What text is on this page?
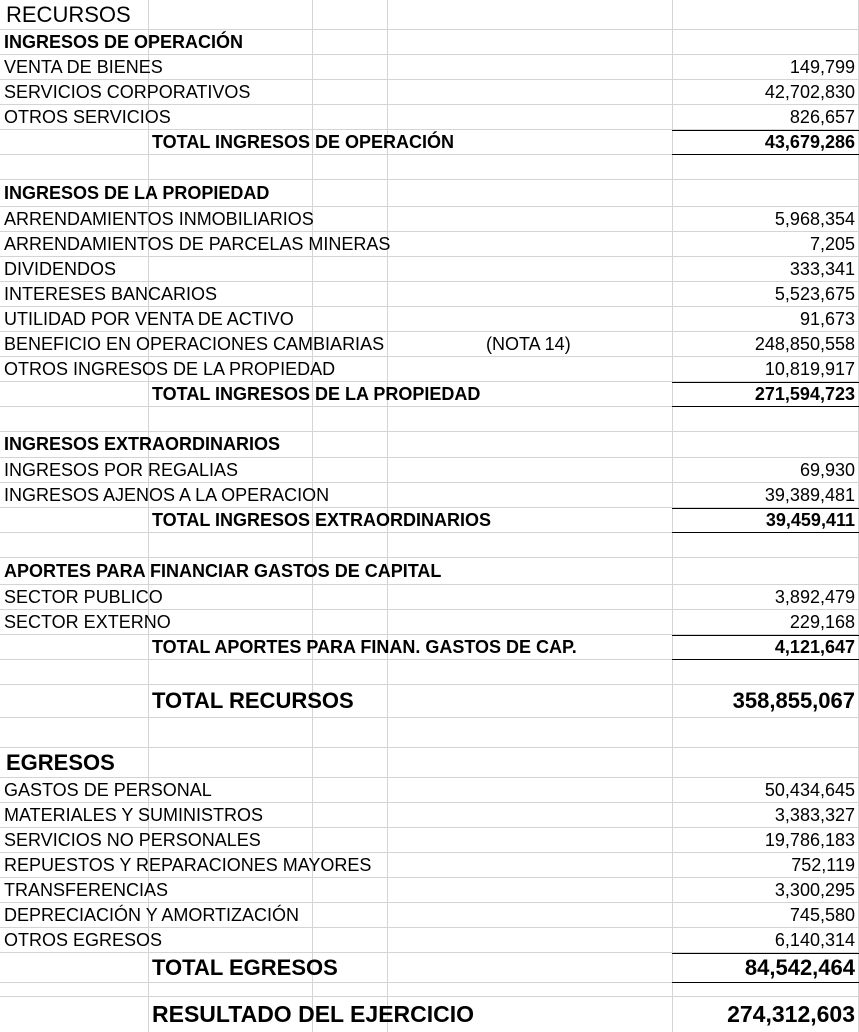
RECURSOS
INGRESOS DE OPERACIÓN
VENTA DE BIENES	149,799
SERVICIOS CORPORATIVOS	42,702,830
OTROS SERVICIOS	826,657
TOTAL INGRESOS DE OPERACIÓN	43,679,286
INGRESOS DE LA PROPIEDAD
ARRENDAMIENTOS INMOBILIARIOS	5,968,354
ARRENDAMIENTOS DE PARCELAS MINERAS	7,205
DIVIDENDOS	333,341
INTERESES BANCARIOS	5,523,675
UTILIDAD POR VENTA DE ACTIVO	91,673
BENEFICIO EN OPERACIONES CAMBIARIAS	(NOTA 14)	248,850,558
OTROS INGRESOS DE LA PROPIEDAD	10,819,917
TOTAL INGRESOS DE LA PROPIEDAD	271,594,723
INGRESOS EXTRAORDINARIOS
INGRESOS POR REGALIAS	69,930
INGRESOS AJENOS A LA OPERACION	39,389,481
TOTAL INGRESOS EXTRAORDINARIOS	39,459,411
APORTES PARA FINANCIAR GASTOS DE CAPITAL
SECTOR PUBLICO	3,892,479
SECTOR EXTERNO	229,168
TOTAL APORTES PARA FINAN. GASTOS DE CAP.	4,121,647
TOTAL RECURSOS	358,855,067
EGRESOS
GASTOS DE PERSONAL	50,434,645
MATERIALES Y SUMINISTROS	3,383,327
SERVICIOS NO PERSONALES	19,786,183
REPUESTOS Y REPARACIONES MAYORES	752,119
TRANSFERENCIAS	3,300,295
DEPRECIACIÓN Y AMORTIZACIÓN	745,580
OTROS EGRESOS	6,140,314
TOTAL EGRESOS	84,542,464
RESULTADO DEL EJERCICIO	274,312,603
